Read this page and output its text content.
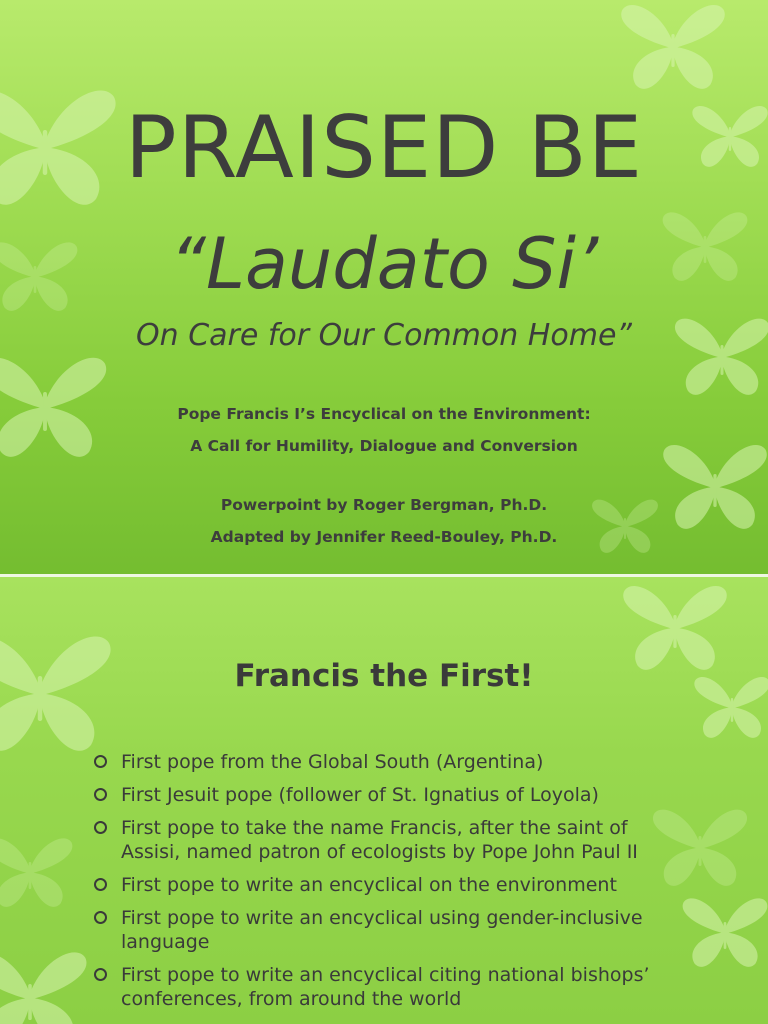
PRAISED BE
“Laudato Si’
On Care for Our Common Home”
Pope Francis I’s Encyclical on the Environment:
A Call for Humility, Dialogue and Conversion
Powerpoint by Roger Bergman, Ph.D.
Adapted by Jennifer Reed-Bouley, Ph.D.
Francis the First!
First pope from the Global South (Argentina)
First Jesuit pope (follower of St. Ignatius of Loyola)
First pope to take the name Francis, after the saint of Assisi, named patron of ecologists by Pope John Paul II
First pope to write an encyclical on the environment
First pope to write an encyclical using gender-inclusive language
First pope to write an encyclical citing national bishops’ conferences, from around the world
